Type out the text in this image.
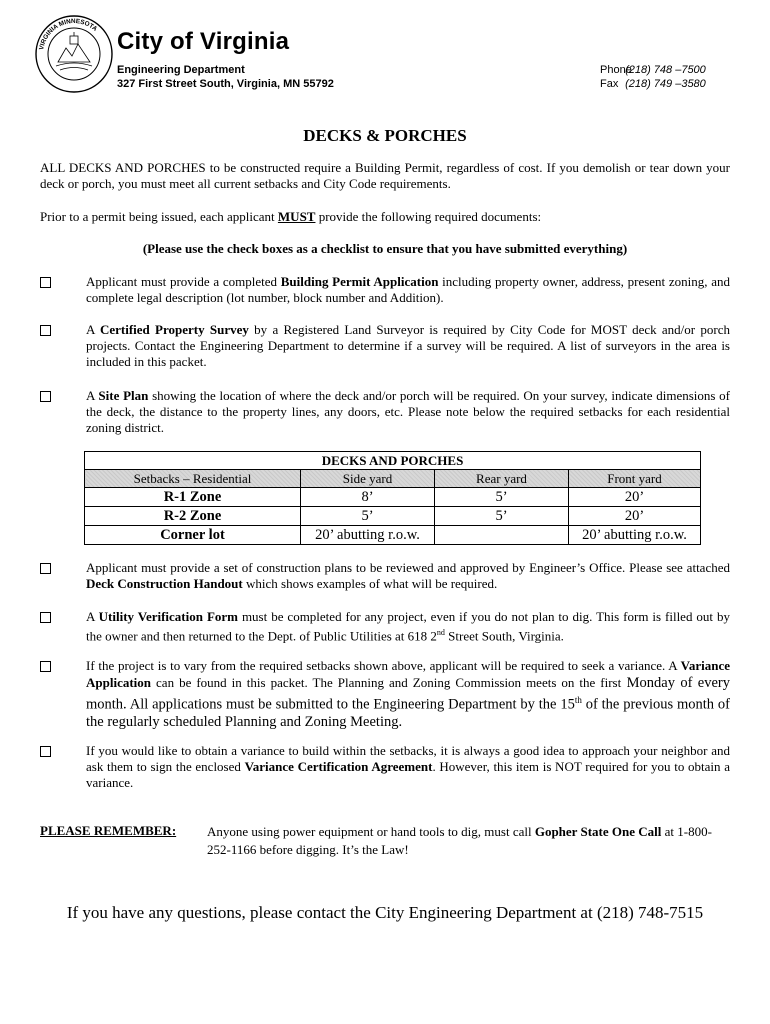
VIRGINIA MINNESOTA City of Virginia
Engineering Department
327 First Street South, Virginia, MN 55792
Phone (218) 748 –7500
Fax (218) 749 –3580
DECKS & PORCHES
ALL DECKS AND PORCHES to be constructed require a Building Permit, regardless of cost. If you demolish or tear down your deck or porch, you must meet all current setbacks and City Code requirements.
Prior to a permit being issued, each applicant MUST provide the following required documents:
(Please use the check boxes as a checklist to ensure that you have submitted everything)
Applicant must provide a completed Building Permit Application including property owner, address, present zoning, and complete legal description (lot number, block number and Addition).
A Certified Property Survey by a Registered Land Surveyor is required by City Code for MOST deck and/or porch projects. Contact the Engineering Department to determine if a survey will be required. A list of surveyors in the area is included in this packet.
A Site Plan showing the location of where the deck and/or porch will be required. On your survey, indicate dimensions of the deck, the distance to the property lines, any doors, etc. Please note below the required setbacks for each residential zoning district.
DECKS AND PORCHES			
Setbacks – Residential	Side yard	Rear yard	Front yard
R-1 Zone	8’	5’	20’
R-2 Zone	5’	5’	20’
Corner lot	20’ abutting r.o.w.		20’ abutting r.o.w.
Applicant must provide a set of construction plans to be reviewed and approved by Engineer’s Office. Please see attached Deck Construction Handout which shows examples of what will be required.
A Utility Verification Form must be completed for any project, even if you do not plan to dig. This form is filled out by the owner and then returned to the Dept. of Public Utilities at 618 2nd Street South, Virginia.
If the project is to vary from the required setbacks shown above, applicant will be required to seek a variance. A Variance Application can be found in this packet. The Planning and Zoning Commission meets on the first Monday of every month. All applications must be submitted to the Engineering Department by the 15th of the previous month of the regularly scheduled Planning and Zoning Meeting.
If you would like to obtain a variance to build within the setbacks, it is always a good idea to approach your neighbor and ask them to sign the enclosed Variance Certification Agreement. However, this item is NOT required for you to obtain a variance.
PLEASE REMEMBER: Anyone using power equipment or hand tools to dig, must call Gopher State One Call at 1-800-252-1166 before digging. It’s the Law!
If you have any questions, please contact the City Engineering Department at (218) 748-7515
